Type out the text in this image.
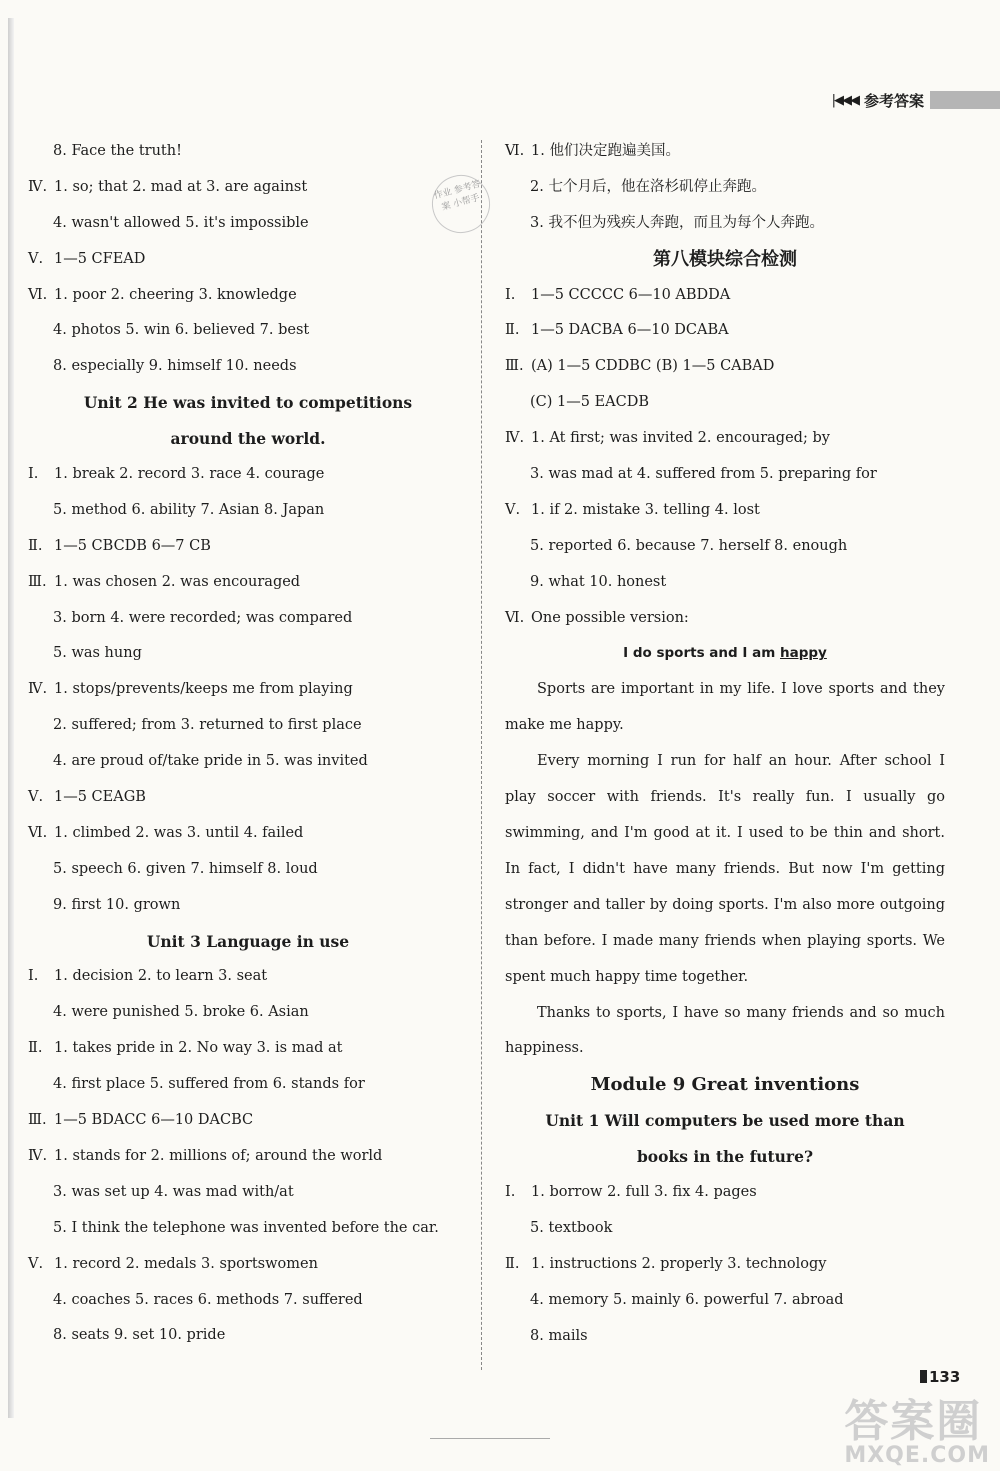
|◀◀◀ 参考答案
作业 参考答案 小帮手
8. Face the truth!
Ⅳ. 1. so; that 2. mad at 3. are against
4. wasn't allowed 5. it's impossible
Ⅴ. 1—5 CFEAD
Ⅵ. 1. poor 2. cheering 3. knowledge
4. photos 5. win 6. believed 7. best
8. especially 9. himself 10. needs
Unit 2 He was invited to competitions
around the world.
Ⅰ. 1. break 2. record 3. race 4. courage
5. method 6. ability 7. Asian 8. Japan
Ⅱ. 1—5 CBCDB 6—7 CB
Ⅲ. 1. was chosen 2. was encouraged
3. born 4. were recorded; was compared
5. was hung
Ⅳ. 1. stops/prevents/keeps me from playing
2. suffered; from 3. returned to first place
4. are proud of/take pride in 5. was invited
Ⅴ. 1—5 CEAGB
Ⅵ. 1. climbed 2. was 3. until 4. failed
5. speech 6. given 7. himself 8. loud
9. first 10. grown
Unit 3 Language in use
Ⅰ. 1. decision 2. to learn 3. seat
4. were punished 5. broke 6. Asian
Ⅱ. 1. takes pride in 2. No way 3. is mad at
4. first place 5. suffered from 6. stands for
Ⅲ. 1—5 BDACC 6—10 DACBC
Ⅳ. 1. stands for 2. millions of; around the world
3. was set up 4. was mad with/at
5. I think the telephone was invented before the car.
Ⅴ. 1. record 2. medals 3. sportswomen
4. coaches 5. races 6. methods 7. suffered
8. seats 9. set 10. pride
Ⅵ. 1. 他们决定跑遍美国。
2. 七个月后，他在洛杉矶停止奔跑。
3. 我不但为残疾人奔跑，而且为每个人奔跑。
第八模块综合检测
Ⅰ. 1—5 CCCCC 6—10 ABDDA
Ⅱ. 1—5 DACBA 6—10 DCABA
Ⅲ. (A) 1—5 CDDBC (B) 1—5 CABAD
(C) 1—5 EACDB
Ⅳ. 1. At first; was invited 2. encouraged; by
3. was mad at 4. suffered from 5. preparing for
Ⅴ. 1. if 2. mistake 3. telling 4. lost
5. reported 6. because 7. herself 8. enough
9. what 10. honest
Ⅵ. One possible version:
I do sports and I am happy
Sports are important in my life. I love sports and they make me happy.
Every morning I run for half an hour. After school I play soccer with friends. It's really fun. I usually go swimming, and I'm good at it. I used to be thin and short. In fact, I didn't have many friends. But now I'm getting stronger and taller by doing sports. I'm also more outgoing than before. I made many friends when playing sports. We spent much happy time together.
Thanks to sports, I have so many friends and so much happiness.
Module 9 Great inventions
Unit 1 Will computers be used more than
books in the future?
Ⅰ. 1. borrow 2. full 3. fix 4. pages
5. textbook
Ⅱ. 1. instructions 2. properly 3. technology
4. memory 5. mainly 6. powerful 7. abroad
8. mails
133
答案圈
MXQE.COM
